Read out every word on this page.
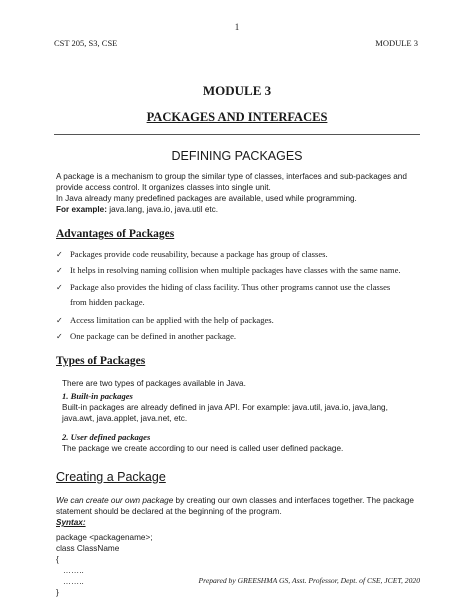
1
CST 205, S3, CSE	MODULE 3
MODULE 3
PACKAGES AND INTERFACES
DEFINING PACKAGES
A package is a mechanism to group the similar type of classes, interfaces and sub-packages and
provide access control. It organizes classes into single unit.
In Java already many predefined packages are available, used while programming.
For example: java.lang, java.io, java.util etc.
Advantages of Packages
✓ Packages provide code reusability, because a package has group of classes.
✓ It helps in resolving naming collision when multiple packages have classes with the same name.
✓ Package also provides the hiding of class facility. Thus other programs cannot use the classes
from hidden package.
✓ Access limitation can be applied with the help of packages.
✓ One package can be defined in another package.
Types of Packages
There are two types of packages available in Java.
1. Built-in packages
Built-in packages are already defined in java API. For example: java.util, java.io, java,lang,
java.awt, java.applet, java.net, etc.
2. User defined packages
The package we create according to our need is called user defined package.
Creating a Package
We can create our own package by creating our own classes and interfaces together. The package
statement should be declared at the beginning of the program.
Syntax:
package <packagename>;
class ClassName
{
……..
……..
}
Prepared by GREESHMA GS, Asst. Professor, Dept. of CSE, JCET, 2020
